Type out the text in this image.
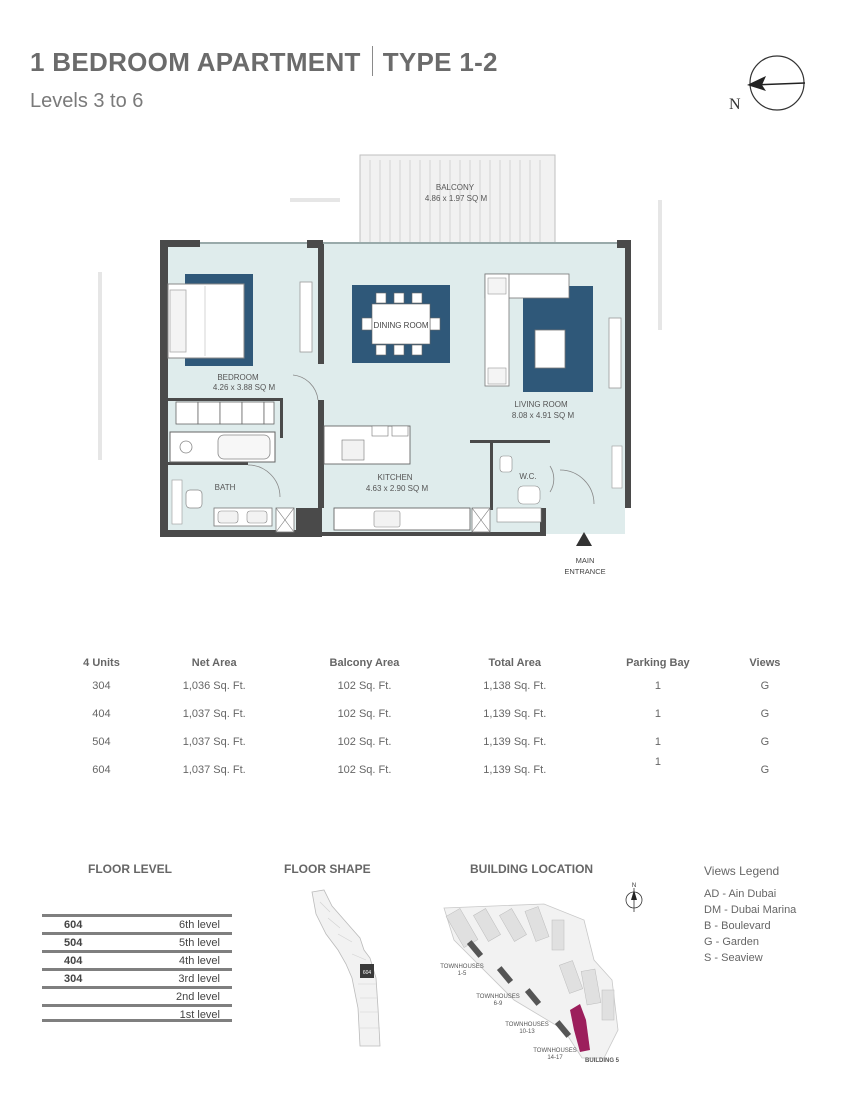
1 BEDROOM APARTMENT TYPE 1-2
Levels 3 to 6	N
BEDROOM
4.26 x 3.88 SQ M
BATH
DINING ROOM
LIVING ROOM
8.08 x 4.91 SQ M
BALCONY
4.86 x 1.97 SQ M
KITCHEN
4.63 x 2.90 SQ M
W.C.
MAIN
ENTRANCE
4 Units	Net Area	Balcony Area	Total Area	Parking Bay	Views
304	1,036 Sq. Ft.	102 Sq. Ft.	1,138 Sq. Ft.	1	G
404	1,037 Sq. Ft.	102 Sq. Ft.	1,139 Sq. Ft.	1	G
504	1,037 Sq. Ft.	102 Sq. Ft.	1,139 Sq. Ft.	1	G
604	1,037 Sq. Ft.	102 Sq. Ft.	1,139 Sq. Ft.	1	G
FLOOR LEVEL	FLOOR SHAPE	BUILDING LOCATION
604	6th level
504	5th level
404	4th level
304	3rd level
2nd level
1st level
604
N
TOWNHOUSES 1-5
TOWNHOUSES 6-9
TOWNHOUSES 10-13
TOWNHOUSES 14-17	BUILDING 5
Views Legend
AD - Ain Dubai
DM - Dubai Marina
B - Boulevard
G - Garden
S - Seaview
